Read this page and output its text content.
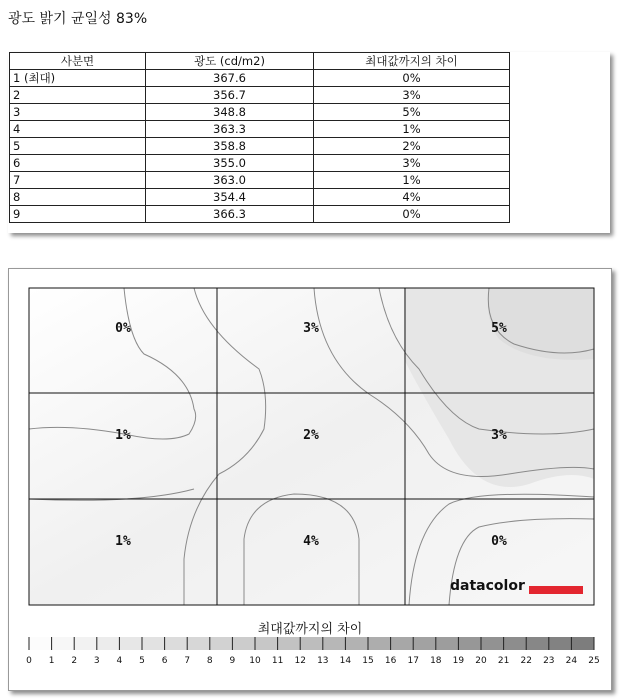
광도 밝기 균일성 83%
사분면	광도 (cd/m2)	최대값까지의 차이
1 (최대)	367.6	0%
2	356.7	3%
3	348.8	5%
4	363.3	1%
5	358.8	2%
6	355.0	3%
7	363.0	1%
8	354.4	4%
9	366.3	0%
0%	3%	5%
1%	2%	3%
1%	4%	0%
0 1 2 3 4 5 6 7 8 9 10 11 12 13 14 15 16 17 18 19 20 21 22 23 24 25
datacolor
최대값까지의 차이
